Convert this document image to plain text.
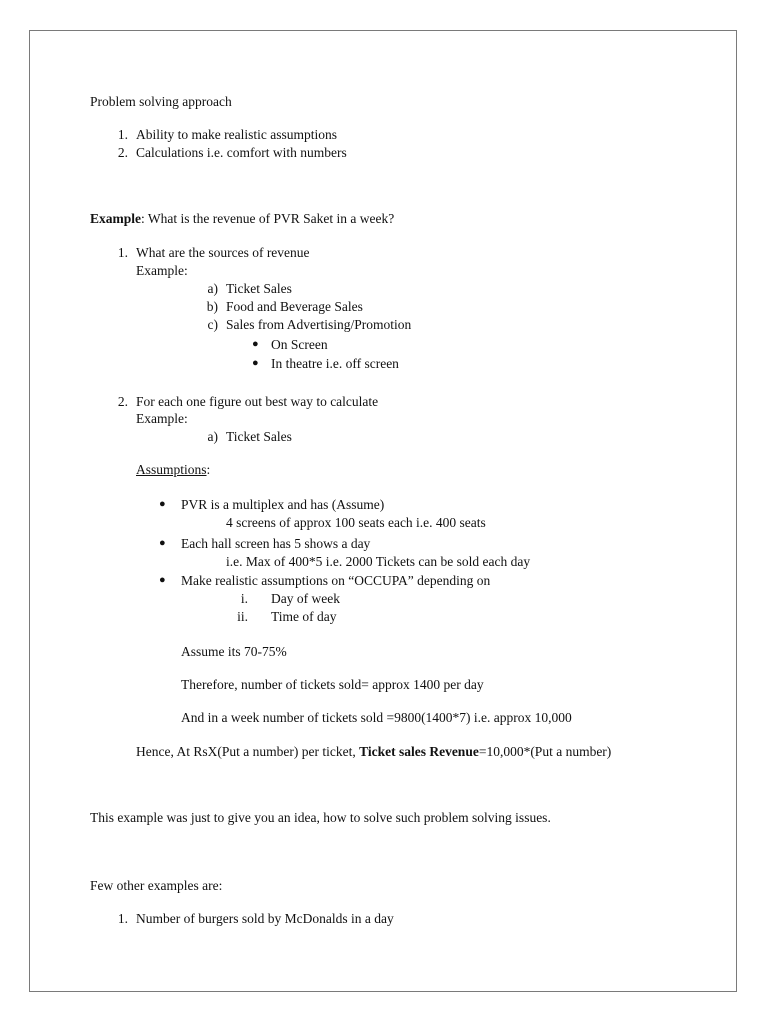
Problem solving approach
1. Ability to make realistic assumptions
2. Calculations i.e. comfort with numbers
Example: What is the revenue of PVR Saket in a week?
1. What are the sources of revenue
Example:
a) Ticket Sales
b) Food and Beverage Sales
c) Sales from Advertising/Promotion
● On Screen
● In theatre i.e. off screen
2. For each one figure out best way to calculate
Example:
a) Ticket Sales
Assumptions:
● PVR is a multiplex and has (Assume)
4 screens of approx 100 seats each i.e. 400 seats
● Each hall screen has 5 shows a day
i.e. Max of 400*5 i.e. 2000 Tickets can be sold each day
● Make realistic assumptions on “OCCUPA” depending on
i. Day of week
ii. Time of day
Assume its 70-75%
Therefore, number of tickets sold= approx 1400 per day
And in a week number of tickets sold =9800(1400*7) i.e. approx 10,000
Hence, At RsX(Put a number) per ticket, Ticket sales Revenue=10,000*(Put a number)
This example was just to give you an idea, how to solve such problem solving issues.
Few other examples are:
1. Number of burgers sold by McDonalds in a day
